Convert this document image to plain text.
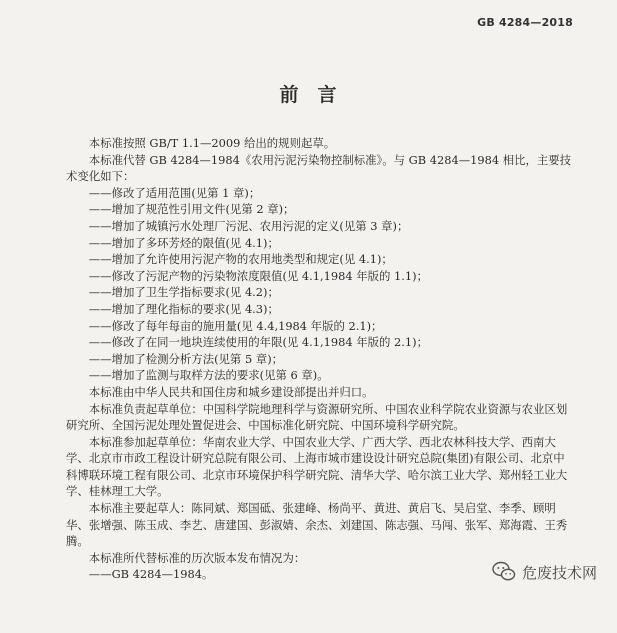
GB 4284—2018
前 言

本标准按照 GB/T 1.1—2009 给出的规则起草。

本标准代替 GB 4284—1984《农用污泥污染物控制标准》。与 GB 4284—1984 相比，主要技术变化如下：

——修改了适用范围(见第 1 章)；

——增加了规范性引用文件(见第 2 章)；

——增加了城镇污水处理厂污泥、农用污泥的定义(见第 3 章)；

——增加了多环芳烃的限值(见 4.1)；

——增加了允许使用污泥产物的农用地类型和规定(见 4.1)；

——修改了污泥产物的污染物浓度限值(见 4.1,1984 年版的 1.1)；

——增加了卫生学指标要求(见 4.2)；

——增加了理化指标的要求(见 4.3)；

——修改了每年每亩的施用量(见 4.4,1984 年版的 2.1)；

——修改了在同一地块连续使用的年限(见 4.1,1984 年版的 2.1)；

——增加了检测分析方法(见第 5 章)；

——增加了监测与取样方法的要求(见第 6 章)。

本标准由中华人民共和国住房和城乡建设部提出并归口。

本标准负责起草单位：中国科学院地理科学与资源研究所、中国农业科学院农业资源与农业区划研究所、全国污泥处理处置促进会、中国标准化研究院、中国环境科学研究院。

本标准参加起草单位：华南农业大学、中国农业大学、广西大学、西北农林科技大学、西南大学、北京市市政工程设计研究总院有限公司、上海市城市建设设计研究总院(集团)有限公司、北京中科博联环境工程有限公司、北京市环境保护科学研究院、清华大学、哈尔滨工业大学、郑州轻工业大学、桂林理工大学。

本标准主要起草人：陈同斌、郑国砥、张建峰、杨尚平、黄进、黄启飞、吴启堂、李季、顾明华、张增强、陈玉成、李艺、唐建国、彭淑婧、余杰、刘建国、陈志强、马闯、张军、郑海霞、王秀腾。

本标准所代替标准的历次版本发布情况为：

——GB 4284—1984。	危废技术网
